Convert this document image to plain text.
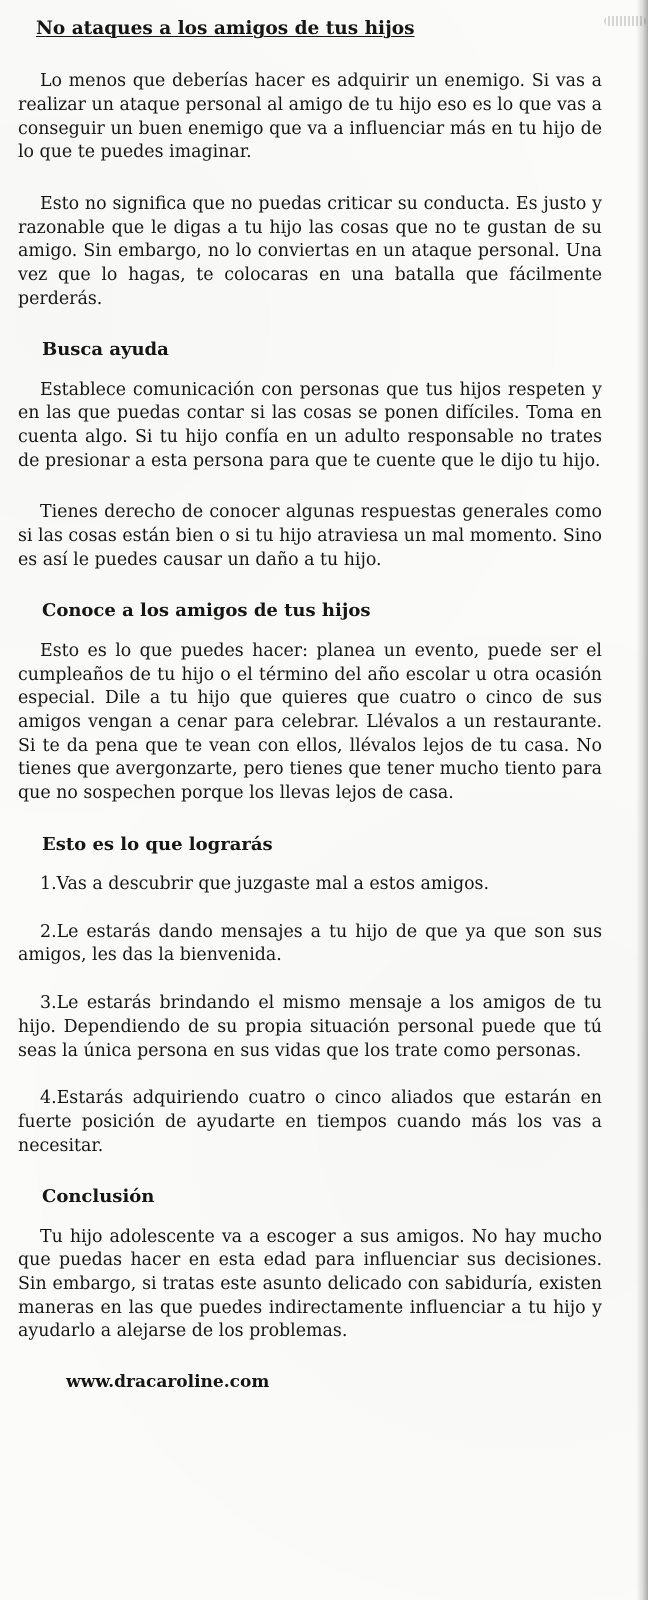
No ataques a los amigos de tus hijos

Lo menos que deberías hacer es adquirir un enemigo. Si vas a realizar un ataque personal al amigo de tu hijo eso es lo que vas a conseguir un buen enemigo que va a influenciar más en tu hijo de lo que te puedes imaginar.

Esto no significa que no puedas criticar su conducta. Es justo y razonable que le digas a tu hijo las cosas que no te gustan de su amigo. Sin embargo, no lo conviertas en un ataque personal. Una vez que lo hagas, te colocaras en una batalla que fácilmente perderás.

Busca ayuda

Establece comunicación con personas que tus hijos respeten y en las que puedas contar si las cosas se ponen difíciles. Toma en cuenta algo. Si tu hijo confía en un adulto responsable no trates de presionar a esta persona para que te cuente que le dijo tu hijo.

Tienes derecho de conocer algunas respuestas generales como si las cosas están bien o si tu hijo atraviesa un mal momento. Sino es así le puedes causar un daño a tu hijo.

Conoce a los amigos de tus hijos

Esto es lo que puedes hacer: planea un evento, puede ser el cumpleaños de tu hijo o el término del año escolar u otra ocasión especial. Dile a tu hijo que quieres que cuatro o cinco de sus amigos vengan a cenar para celebrar. Llévalos a un restaurante. Si te da pena que te vean con ellos, llévalos lejos de tu casa. No tienes que avergonzarte, pero tienes que tener mucho tiento para que no sospechen porque los llevas lejos de casa.

Esto es lo que lograrás

1.Vas a descubrir que juzgaste mal a estos amigos.

2.Le estarás dando mensajes a tu hijo de que ya que son sus amigos, les das la bienvenida.

3.Le estarás brindando el mismo mensaje a los amigos de tu hijo. Dependiendo de su propia situación personal puede que tú seas la única persona en sus vidas que los trate como personas.

4.Estarás adquiriendo cuatro o cinco aliados que estarán en fuerte posición de ayudarte en tiempos cuando más los vas a necesitar.

Conclusión

Tu hijo adolescente va a escoger a sus amigos. No hay mucho que puedas hacer en esta edad para influenciar sus decisiones. Sin embargo, si tratas este asunto delicado con sabiduría, existen maneras en las que puedes indirectamente influenciar a tu hijo y ayudarlo a alejarse de los problemas.

www.dracaroline.com
